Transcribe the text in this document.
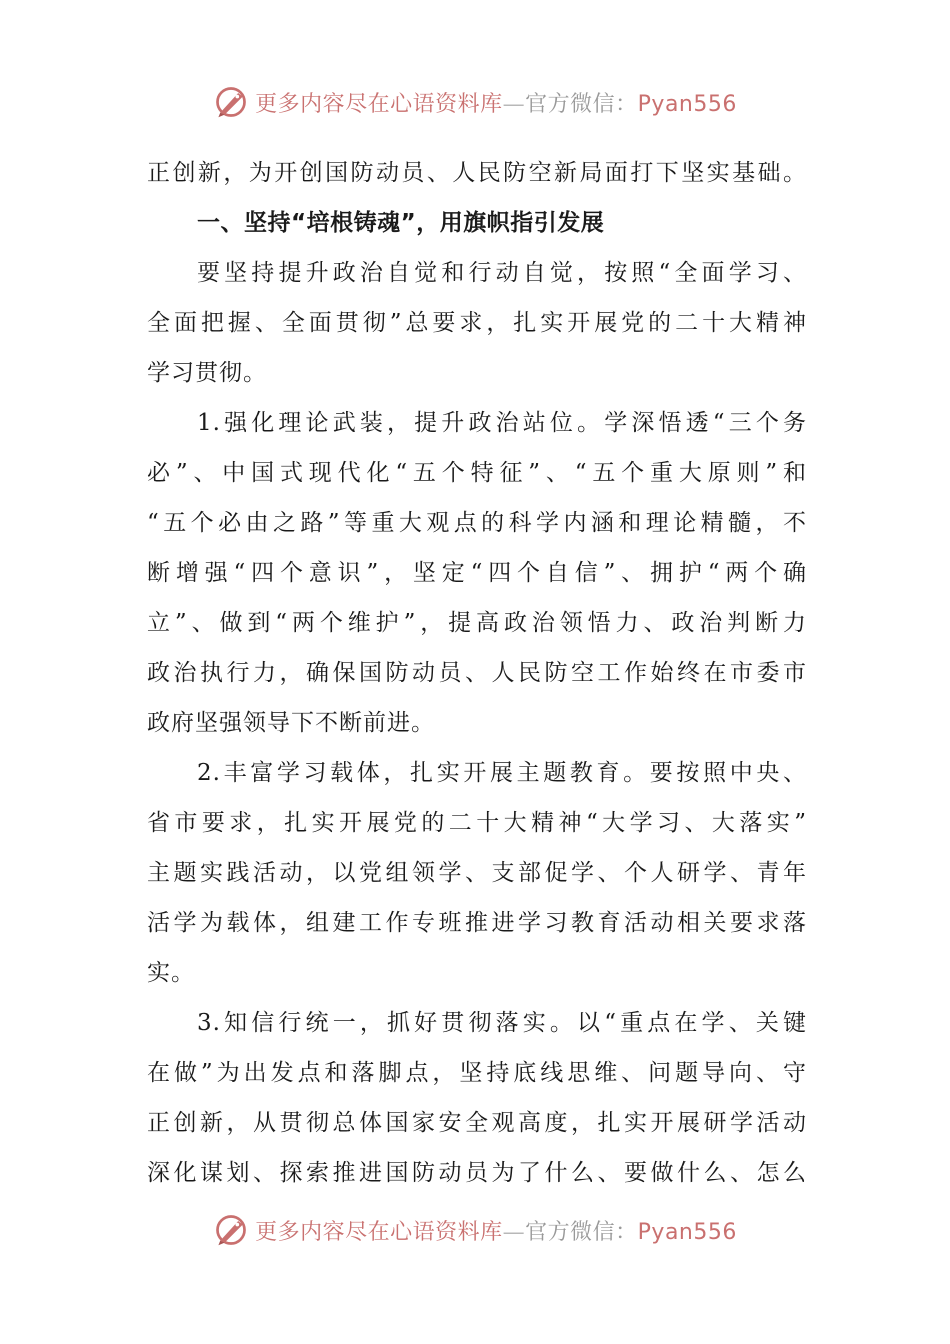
更多内容尽在心语资料库—官方微信：Pyan556
正创新，为开创国防动员、人民防空新局面打下坚实基础。
一、坚持“培根铸魂”，用旗帜指引发展
要坚持提升政治自觉和行动自觉，按照“全面学习、
全面把握、全面贯彻”总要求，扎实开展党的二十大精神
学习贯彻。
1.强化理论武装，提升政治站位。学深悟透“三个务
必”、中国式现代化“五个特征”、“五个重大原则”和
“五个必由之路”等重大观点的科学内涵和理论精髓，不
断增强“四个意识”，坚定“四个自信”、拥护“两个确
立”、做到“两个维护”，提高政治领悟力、政治判断力
政治执行力，确保国防动员、人民防空工作始终在市委市
政府坚强领导下不断前进。
2.丰富学习载体，扎实开展主题教育。要按照中央、
省市要求，扎实开展党的二十大精神“大学习、大落实”
主题实践活动，以党组领学、支部促学、个人研学、青年
活学为载体，组建工作专班推进学习教育活动相关要求落
实。
3.知信行统一，抓好贯彻落实。以“重点在学、关键
在做”为出发点和落脚点，坚持底线思维、问题导向、守
正创新，从贯彻总体国家安全观高度，扎实开展研学活动
深化谋划、探索推进国防动员为了什么、要做什么、怎么
更多内容尽在心语资料库—官方微信：Pyan556
